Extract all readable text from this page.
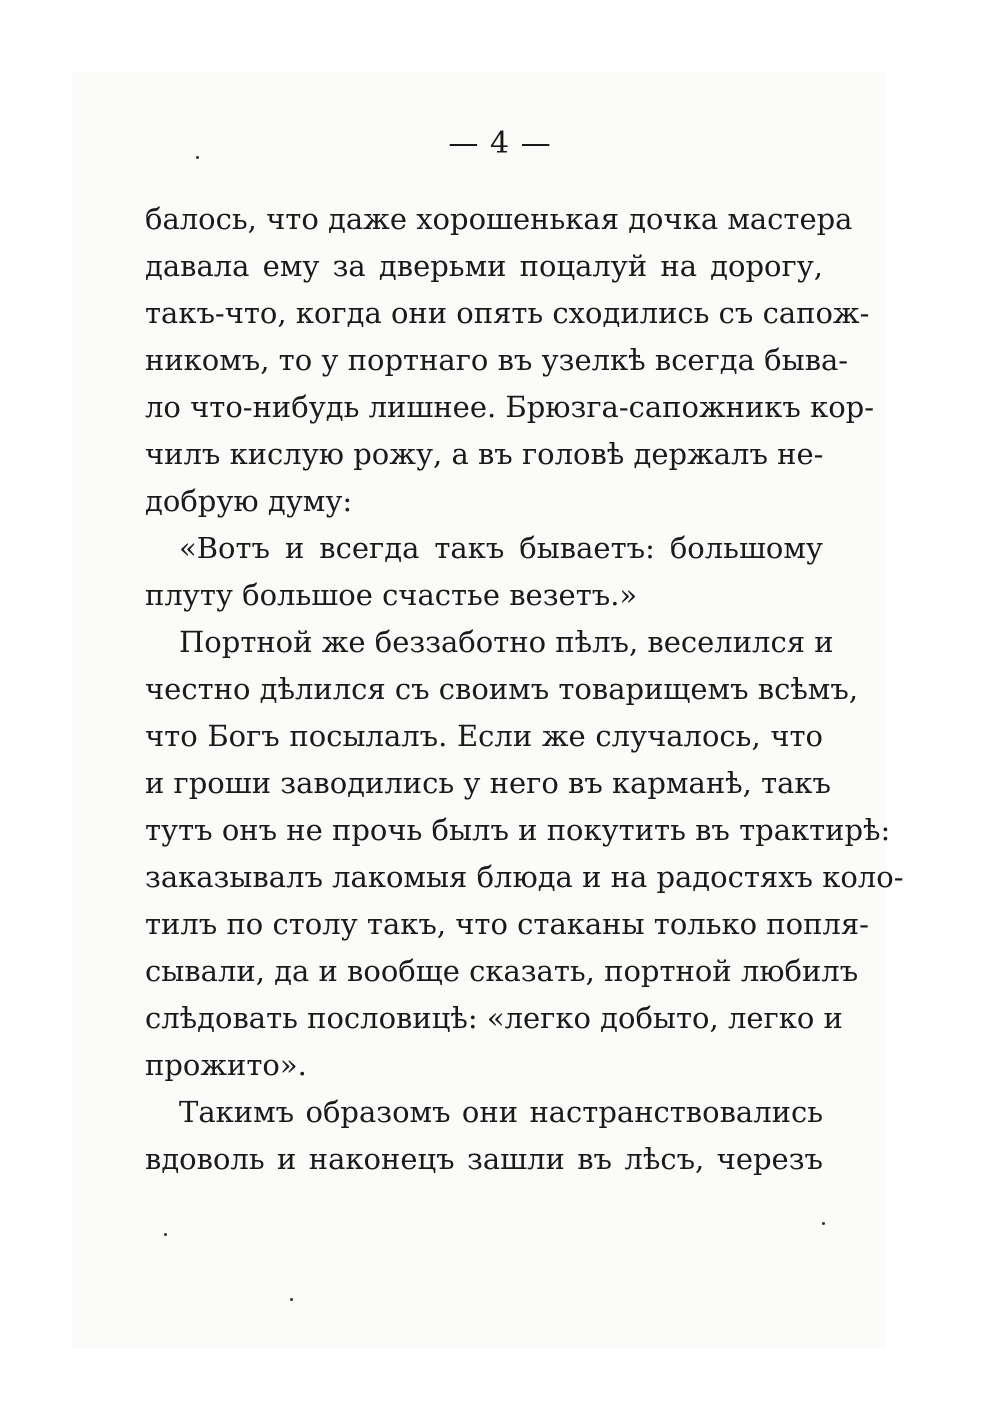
— 4 —
балось, что даже хорошенькая дочка мастера
давала ему за дверьми поцалуй на дорогу,
такъ-что, когда они опять сходились съ сапож-
никомъ, то у портнаго въ узелкѣ всегда быва-
ло что-нибудь лишнее. Брюзга-сапожникъ кор-
чилъ кислую рожу, а въ головѣ держалъ не-
добрую думу:
«Вотъ и всегда такъ бываетъ: большому
плуту большое счастье везетъ.»
Портной же беззаботно пѣлъ, веселился и
честно дѣлился съ своимъ товарищемъ всѣмъ,
что Богъ посылалъ. Если же случалось, что
и гроши заводились у него въ карманѣ, такъ
тутъ онъ не прочь былъ и покутить въ трактирѣ:
заказывалъ лакомыя блюда и на радостяхъ коло-
тилъ по столу такъ, что стаканы только попля-
сывали, да и вообще сказать, портной любилъ
слѣдовать пословицѣ: «легко добыто, легко и
прожито».
Такимъ образомъ они настранствовались
вдоволь и наконецъ зашли въ лѣсъ, черезъ
